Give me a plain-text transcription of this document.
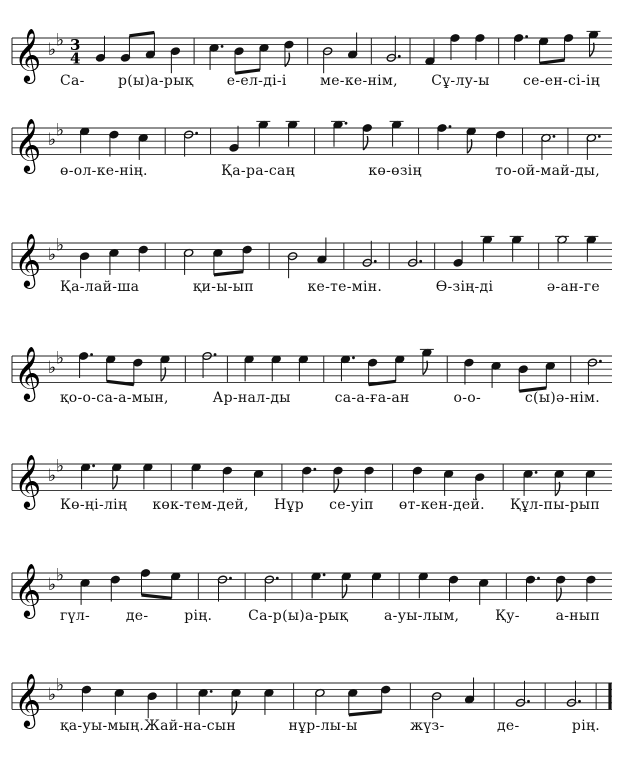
𝄞 ♭ ♭ 3
4
𝄞 ♭ ♭
𝄞 ♭ ♭
𝄞 ♭ ♭
𝄞 ♭ ♭
𝄞 ♭ ♭
𝄞 ♭ ♭
Са- р(ы)а-рық е-ел-ді-і ме-ке-нім, Сұ-лу-ы се-ен-сі-ің
ө-ол-ке-нің. Қа-ра-саң кө-өзің то-ой-май-ды,
Қа-лай-ша қи-ы-ып ке-те-мін. Ө-зің-ді ә-ан-ге
қо-о-са-а-мын, Ар-нал-ды са-а-ға-ан о-о- с(ы)ә-нім.
Кө-ңі-лің көк-тем-дей, Нұр се-уіп өт-кен-дей. Құл-пы-рып
гүл- де- рің. Са-р(ы)а-рық а-уы-лым, Қу- а-нып
қа-уы-мың.Жай-на-сын нұр-лы-ы жүз- де- рің.
